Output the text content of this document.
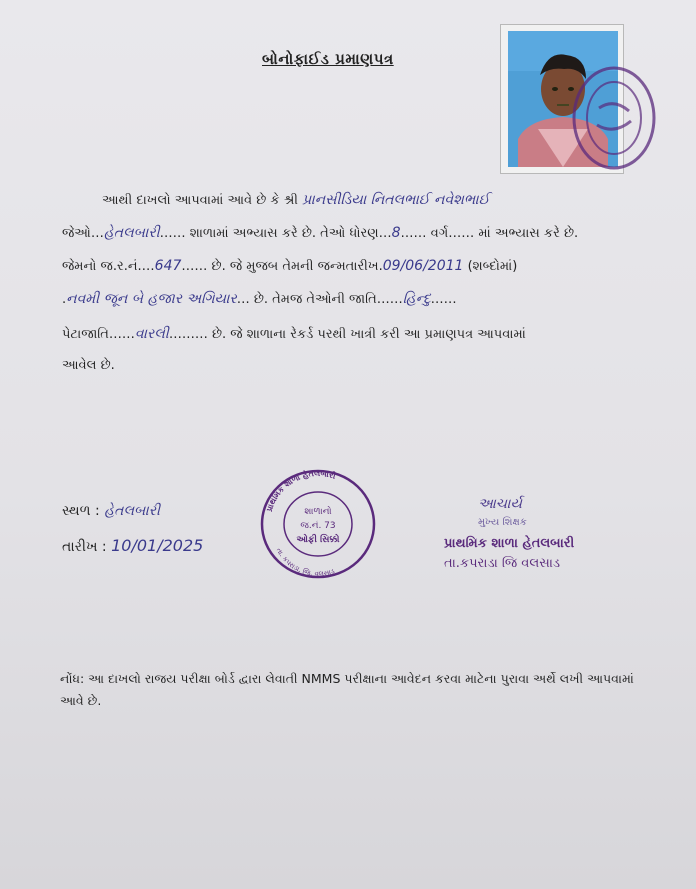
બોનોફાઈડ પ્રમાણપત્ર
આથી દાખલો આપવામાં આવે છે કે શ્રી પ્રાનસીડિયા નિતલભાઈ નવેશભાઈ
જેઓ…હેતલબારી…… શાળામાં અભ્યાસ કરે છે. તેઓ ધોરણ…8…… વર્ગ…… માં અભ્યાસ કરે છે.
જેમનો જ.ર.નં.…647…… છે. જે મુજબ તેમની જન્મતારીખ.09/06/2011 (શબ્દોમાં)
.નવમી જૂન બે હજાર અગિયાર… છે. તેમજ તેઓની જાતિ……હિન્દુ……
પેટાજાતિ……વારલી……… છે. જે શાળાના રેકર્ડ પરથી ખાત્રી કરી આ પ્રમાણપત્ર આપવામાં
આવેલ છે.
સ્થળ : હેતલબારી
તારીખ : 10/01/2025
પ્રાથમિક શાળા હેતલબારી
તા. કપરાડા, જિ. વલસાડ
શાળાનો
જ.નં. 73
ઓફી સિક્કો
આચાર્ય
મુખ્ય શિક્ષક
પ્રાથમિક શાળા હેતલબારી
તા.કપરાડા જિ વલસાડ
નોંધ: આ દાખલો રાજય પરીક્ષા બોર્ડ દ્વારા લેવાતી NMMS પરીક્ષાના આવેદન કરવા માટેના પુરાવા અર્થે લખી આપવામાં આવે છે.
